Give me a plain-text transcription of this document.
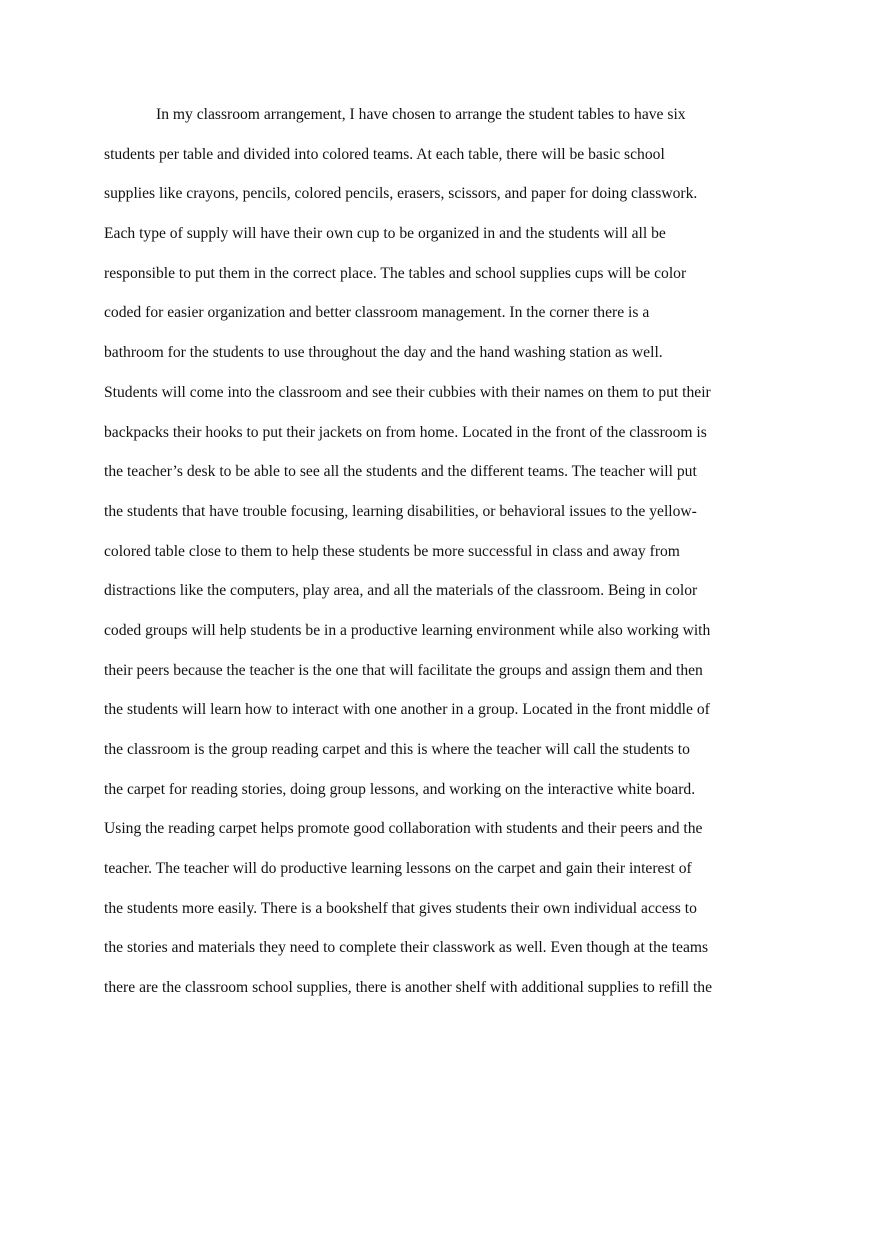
In my classroom arrangement, I have chosen to arrange the student tables to have six
students per table and divided into colored teams. At each table, there will be basic school
supplies like crayons, pencils, colored pencils, erasers, scissors, and paper for doing classwork.
Each type of supply will have their own cup to be organized in and the students will all be
responsible to put them in the correct place. The tables and school supplies cups will be color
coded for easier organization and better classroom management. In the corner there is a
bathroom for the students to use throughout the day and the hand washing station as well.
Students will come into the classroom and see their cubbies with their names on them to put their
backpacks their hooks to put their jackets on from home. Located in the front of the classroom is
the teacher’s desk to be able to see all the students and the different teams. The teacher will put
the students that have trouble focusing, learning disabilities, or behavioral issues to the yellow-
colored table close to them to help these students be more successful in class and away from
distractions like the computers, play area, and all the materials of the classroom. Being in color
coded groups will help students be in a productive learning environment while also working with
their peers because the teacher is the one that will facilitate the groups and assign them and then
the students will learn how to interact with one another in a group. Located in the front middle of
the classroom is the group reading carpet and this is where the teacher will call the students to
the carpet for reading stories, doing group lessons, and working on the interactive white board.
Using the reading carpet helps promote good collaboration with students and their peers and the
teacher. The teacher will do productive learning lessons on the carpet and gain their interest of
the students more easily. There is a bookshelf that gives students their own individual access to
the stories and materials they need to complete their classwork as well. Even though at the teams
there are the classroom school supplies, there is another shelf with additional supplies to refill the
